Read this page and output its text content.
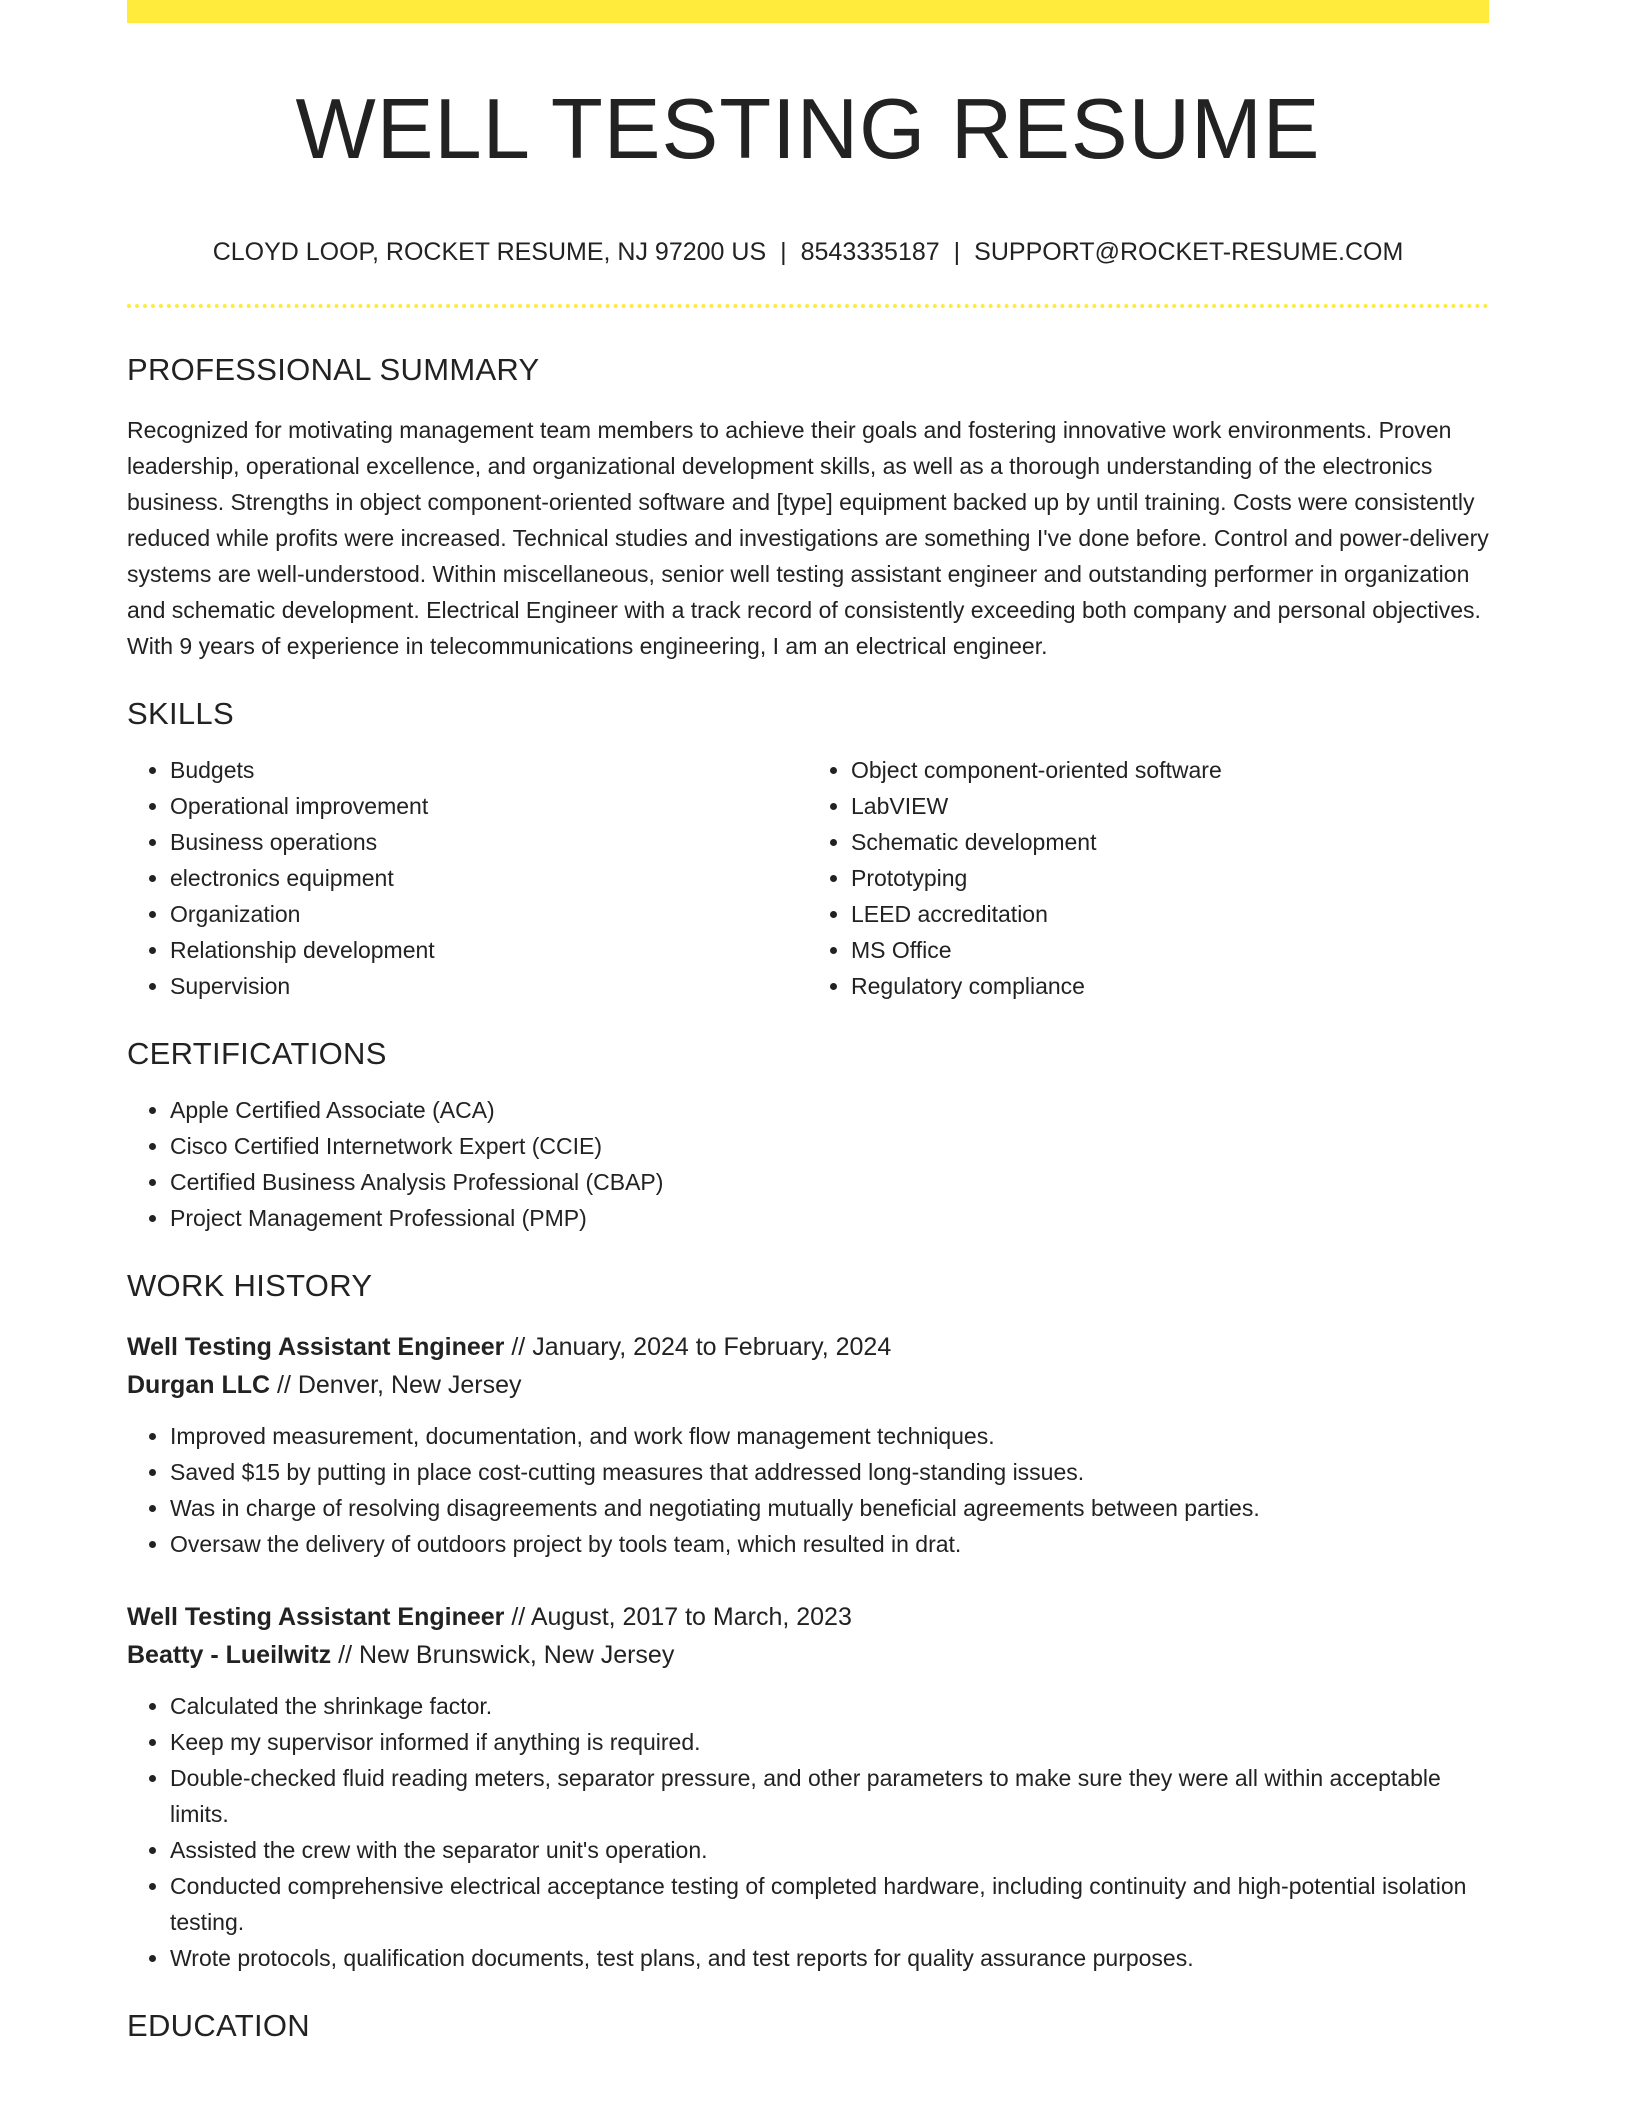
WELL TESTING RESUME
CLOYD LOOP, ROCKET RESUME, NJ 97200 US | 8543335187 | SUPPORT@ROCKET-RESUME.COM
PROFESSIONAL SUMMARY

Recognized for motivating management team members to achieve their goals and fostering innovative work environments. Proven leadership, operational excellence, and organizational development skills, as well as a thorough understanding of the electronics business. Strengths in object component-oriented software and [type] equipment backed up by until training. Costs were consistently reduced while profits were increased. Technical studies and investigations are something I've done before. Control and power-delivery systems are well-understood. Within miscellaneous, senior well testing assistant engineer and outstanding performer in organization and schematic development. Electrical Engineer with a track record of consistently exceeding both company and personal objectives. With 9 years of experience in telecommunications engineering, I am an electrical engineer.

SKILLS
• Budgets
• Operational improvement
• Business operations
• electronics equipment
• Organization
• Relationship development
• Supervision
• Object component-oriented software
• LabVIEW
• Schematic development
• Prototyping
• LEED accreditation
• MS Office
• Regulatory compliance
CERTIFICATIONS
• Apple Certified Associate (ACA)
• Cisco Certified Internetwork Expert (CCIE)
• Certified Business Analysis Professional (CBAP)
• Project Management Professional (PMP)
WORK HISTORY
Well Testing Assistant Engineer // January, 2024 to February, 2024
Durgan LLC // Denver, New Jersey
• Improved measurement, documentation, and work flow management techniques.
• Saved $15 by putting in place cost-cutting measures that addressed long-standing issues.
• Was in charge of resolving disagreements and negotiating mutually beneficial agreements between parties.
• Oversaw the delivery of outdoors project by tools team, which resulted in drat.
Well Testing Assistant Engineer // August, 2017 to March, 2023
Beatty - Lueilwitz // New Brunswick, New Jersey
• Calculated the shrinkage factor.
• Keep my supervisor informed if anything is required.
• Double-checked fluid reading meters, separator pressure, and other parameters to make sure they were all within acceptable limits.
• Assisted the crew with the separator unit's operation.
• Conducted comprehensive electrical acceptance testing of completed hardware, including continuity and high-potential isolation testing.
• Wrote protocols, qualification documents, test plans, and test reports for quality assurance purposes.
EDUCATION
